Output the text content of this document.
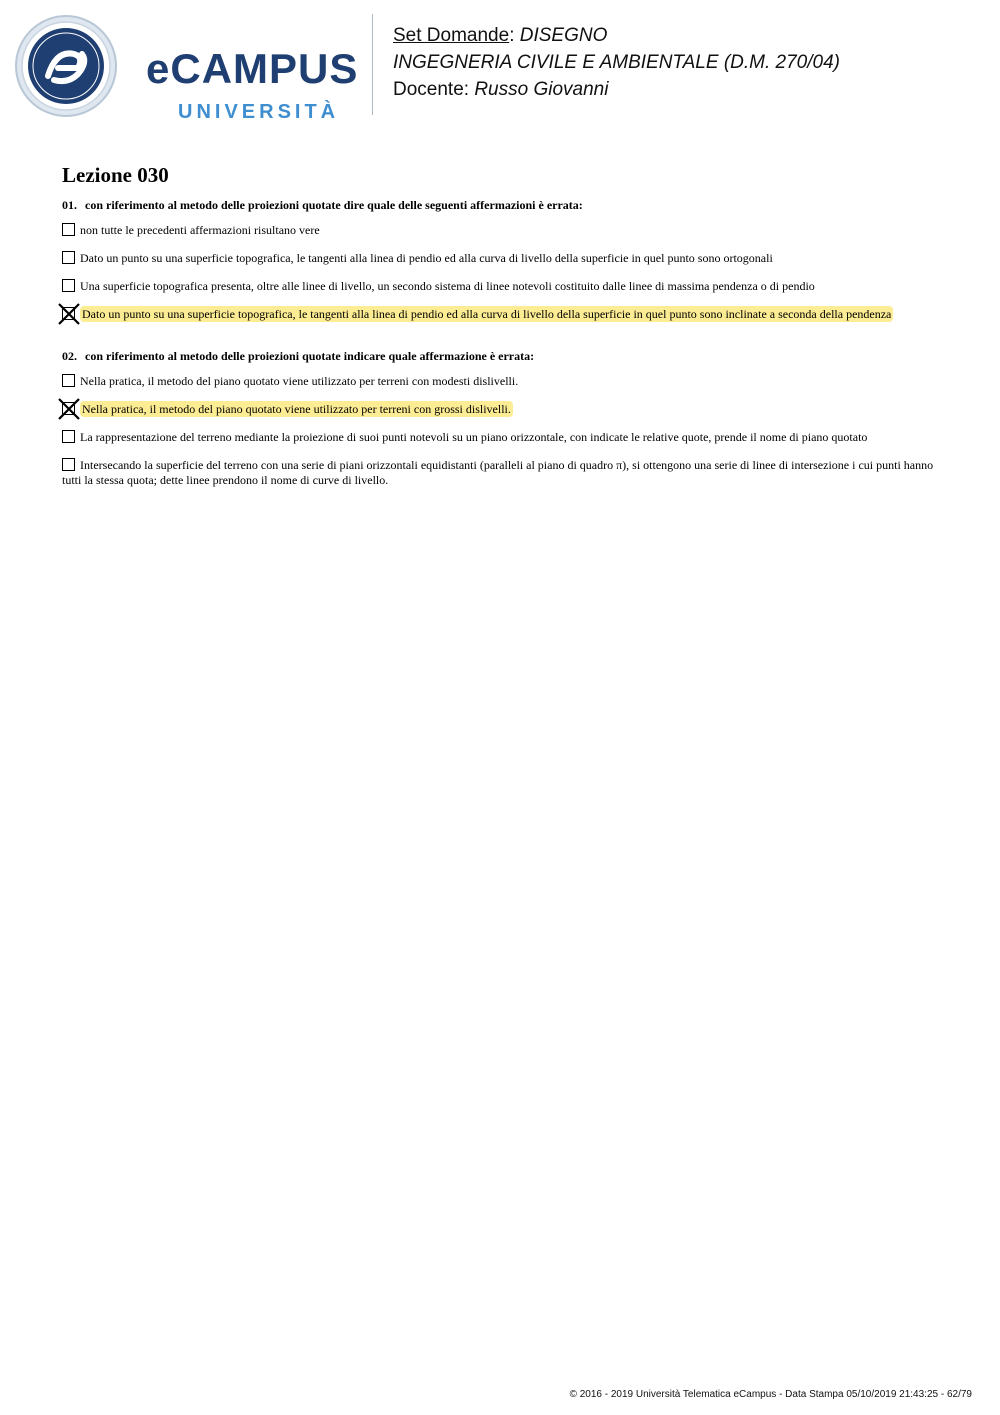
eCAMPUS
UNIVERSITÀ
Set Domande: DISEGNO
INGEGNERIA CIVILE E AMBIENTALE (D.M. 270/04)
Docente: Russo Giovanni
Lezione 030
01. con riferimento al metodo delle proiezioni quotate dire quale delle seguenti affermazioni è errata:
non tutte le precedenti affermazioni risultano vere
Dato un punto su una superficie topografica, le tangenti alla linea di pendio ed alla curva di livello della superficie in quel punto sono ortogonali
Una superficie topografica presenta, oltre alle linee di livello, un secondo sistema di linee notevoli costituito dalle linee di massima pendenza o di pendio
Dato un punto su una superficie topografica, le tangenti alla linea di pendio ed alla curva di livello della superficie in quel punto sono inclinate a seconda della pendenza
02. con riferimento al metodo delle proiezioni quotate indicare quale affermazione è errata:
Nella pratica, il metodo del piano quotato viene utilizzato per terreni con modesti dislivelli.
Nella pratica, il metodo del piano quotato viene utilizzato per terreni con grossi dislivelli.
La rappresentazione del terreno mediante la proiezione di suoi punti notevoli su un piano orizzontale, con indicate le relative quote, prende il nome di piano quotato
Intersecando la superficie del terreno con una serie di piani orizzontali equidistanti (paralleli al piano di quadro π), si ottengono una serie di linee di intersezione i cui punti hanno tutti la stessa quota; dette linee prendono il nome di curve di livello.
© 2016 - 2019 Università Telematica eCampus - Data Stampa 05/10/2019 21:43:25 - 62/79
